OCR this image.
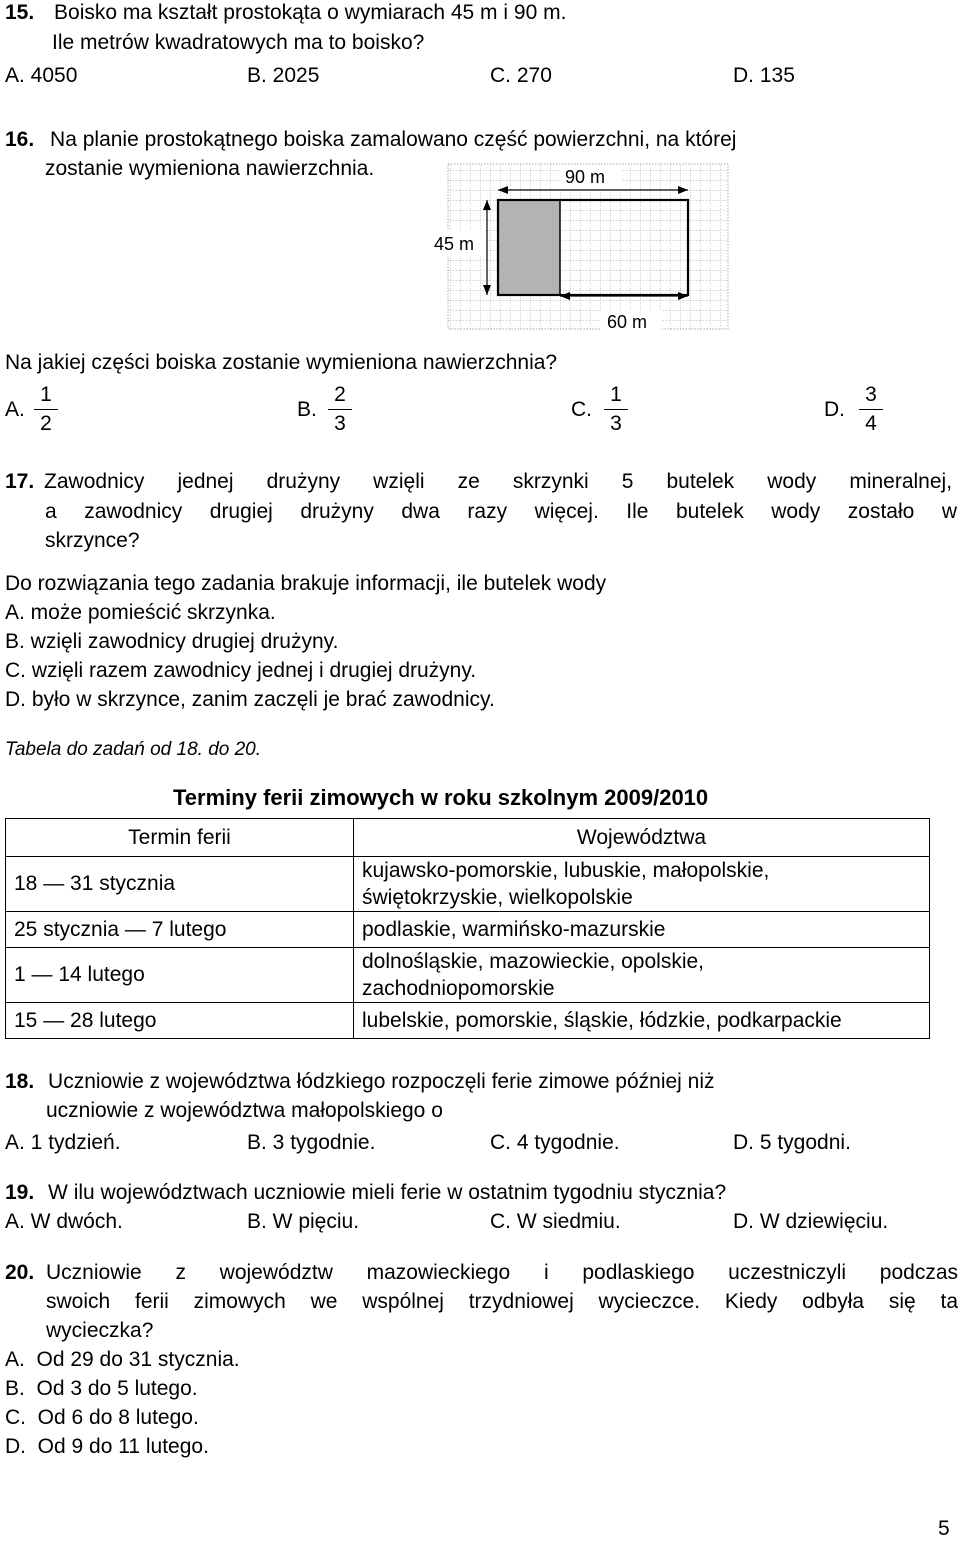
15. Boisko ma kształt prostokąta o wymiarach 45 m i 90 m.
Ile metrów kwadratowych ma to boisko?
A. 4050	B. 2025	C. 270	D. 135
16. Na planie prostokątnego boiska zamalowano część powierzchni, na której
zostanie wymieniona nawierzchnia.	90 m
45 m
60 m
Na jakiej części boiska zostanie wymieniona nawierzchnia?
A.
1
2
B.
2
3
C.
1
3
D.
3
4
17. Zawodnicy jednej drużyny wzięli ze skrzynki 5 butelek wody mineralnej,
a zawodnicy drugiej drużyny dwa razy więcej. Ile butelek wody zostało w
skrzynce?
Do rozwiązania tego zadania brakuje informacji, ile butelek wody
A. może pomieścić skrzynka.
B. wzięli zawodnicy drugiej drużyny.
C. wzięli razem zawodnicy jednej i drugiej drużyny.
D. było w skrzynce, zanim zaczęli je brać zawodnicy.
Tabela do zadań od 18. do 20.
Terminy ferii zimowych w roku szkolnym 2009/2010
Termin ferii	Województwa
18 — 31 stycznia	kujawsko-pomorskie, lubuskie, małopolskie,
świętokrzyskie, wielkopolskie

25 stycznia — 7 lutego	podlaskie, warmińsko-mazurskie

1 — 14 lutego	dolnośląskie, mazowieckie, opolskie,
zachodniopomorskie

15 — 28 lutego	lubelskie, pomorskie, śląskie, łódzkie, podkarpackie
18. Uczniowie z województwa łódzkiego rozpoczęli ferie zimowe później niż
uczniowie z województwa małopolskiego o
A. 1 tydzień.	B. 3 tygodnie.	C. 4 tygodnie.	D. 5 tygodni.
19. W ilu województwach uczniowie mieli ferie w ostatnim tygodniu stycznia?
A. W dwóch.	B. W pięciu.	C. W siedmiu.	D. W dziewięciu.
20. Uczniowie z województw mazowieckiego i podlaskiego uczestniczyli podczas
swoich ferii zimowych we wspólnej trzydniowej wycieczce. Kiedy odbyła się ta
wycieczka?
A.  Od 29 do 31 stycznia.
B.  Od 3 do 5 lutego.
C.  Od 6 do 8 lutego.
D.  Od 9 do 11 lutego.
5
